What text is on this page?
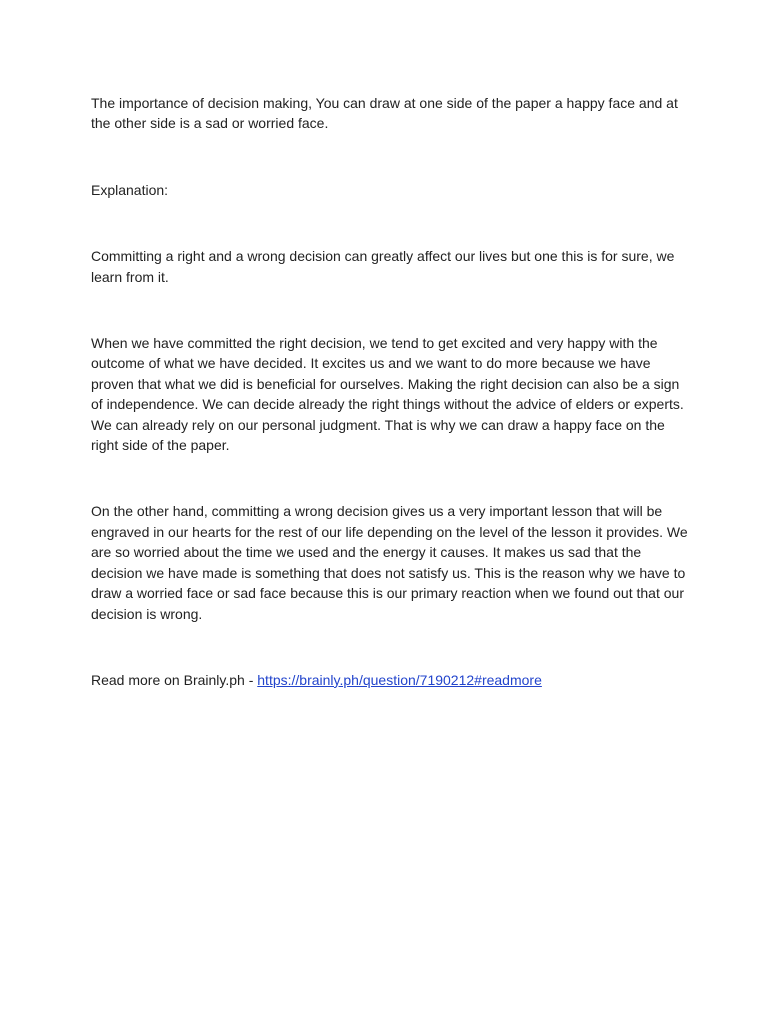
The importance of decision making, You can draw at one side of the paper a happy face and at the other side is a sad or worried face.

Explanation:

Committing a right and a wrong decision can greatly affect our lives but one this is for sure, we learn from it.

When we have committed the right decision, we tend to get excited and very happy with the outcome of what we have decided. It excites us and we want to do more because we have proven that what we did is beneficial for ourselves. Making the right decision can also be a sign of independence. We can decide already the right things without the advice of elders or experts. We can already rely on our personal judgment. That is why we can draw a happy face on the right side of the paper.

On the other hand, committing a wrong decision gives us a very important lesson that will be engraved in our hearts for the rest of our life depending on the level of the lesson it provides. We are so worried about the time we used and the energy it causes. It makes us sad that the decision we have made is something that does not satisfy us. This is the reason why we have to draw a worried face or sad face because this is our primary reaction when we found out that our decision is wrong.

Read more on Brainly.ph - https://brainly.ph/question/7190212#readmore
